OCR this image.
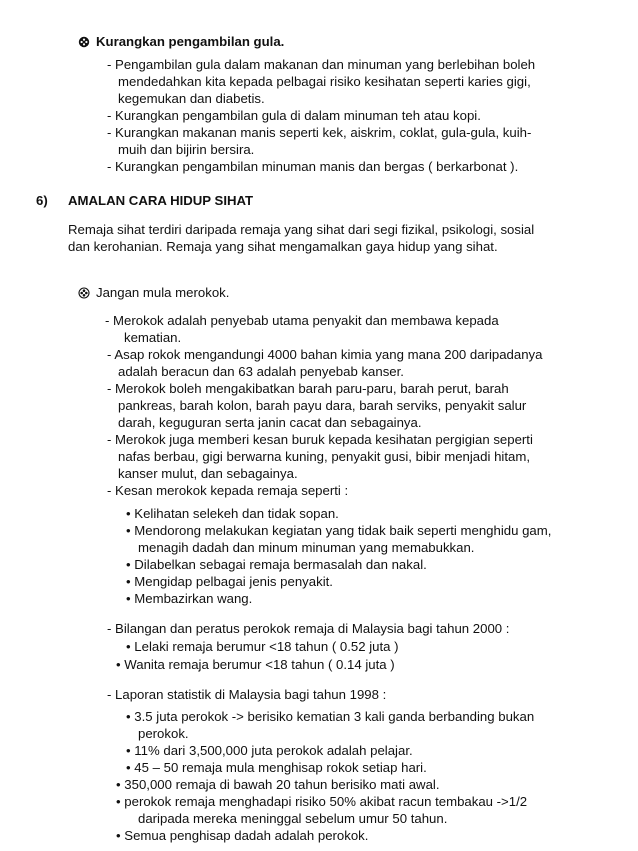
Kurangkan pengambilan gula.
- Pengambilan gula dalam makanan dan minuman yang berlebihan boleh
mendedahkan kita kepada pelbagai risiko kesihatan seperti karies gigi,
kegemukan dan diabetis.
- Kurangkan pengambilan gula di dalam minuman teh atau kopi.
- Kurangkan makanan manis seperti kek, aiskrim, coklat, gula-gula, kuih-
muih dan bijirin bersira.
- Kurangkan pengambilan minuman manis dan bergas ( berkarbonat ).
6) AMALAN CARA HIDUP SIHAT
Remaja sihat terdiri daripada remaja yang sihat dari segi fizikal, psikologi, sosial
dan kerohanian. Remaja yang sihat mengamalkan gaya hidup yang sihat.
Jangan mula merokok.
- Merokok adalah penyebab utama penyakit dan membawa kepada
kematian.
- Asap rokok mengandungi 4000 bahan kimia yang mana 200 daripadanya
adalah beracun dan 63 adalah penyebab kanser.
- Merokok boleh mengakibatkan barah paru-paru, barah perut, barah
pankreas, barah kolon, barah payu dara, barah serviks, penyakit salur
darah, keguguran serta janin cacat dan sebagainya.
- Merokok juga memberi kesan buruk kepada kesihatan pergigian seperti
nafas berbau, gigi berwarna kuning, penyakit gusi, bibir menjadi hitam,
kanser mulut, dan sebagainya.
- Kesan merokok kepada remaja seperti :
• Kelihatan selekeh dan tidak sopan.
• Mendorong melakukan kegiatan yang tidak baik seperti menghidu gam,
menagih dadah dan minum minuman yang memabukkan.
• Dilabelkan sebagai remaja bermasalah dan nakal.
• Mengidap pelbagai jenis penyakit.
• Membazirkan wang.
- Bilangan dan peratus perokok remaja di Malaysia bagi tahun 2000 :
• Lelaki remaja berumur <18 tahun ( 0.52 juta )
• Wanita remaja berumur <18 tahun ( 0.14 juta )
- Laporan statistik di Malaysia bagi tahun 1998 :
• 3.5 juta perokok -> berisiko kematian 3 kali ganda berbanding bukan
perokok.
• 11% dari 3,500,000 juta perokok adalah pelajar.
• 45 – 50 remaja mula menghisap rokok setiap hari.
• 350,000 remaja di bawah 20 tahun berisiko mati awal.
• perokok remaja menghadapi risiko 50% akibat racun tembakau ->1/2
daripada mereka meninggal sebelum umur 50 tahun.
• Semua penghisap dadah adalah perokok.
